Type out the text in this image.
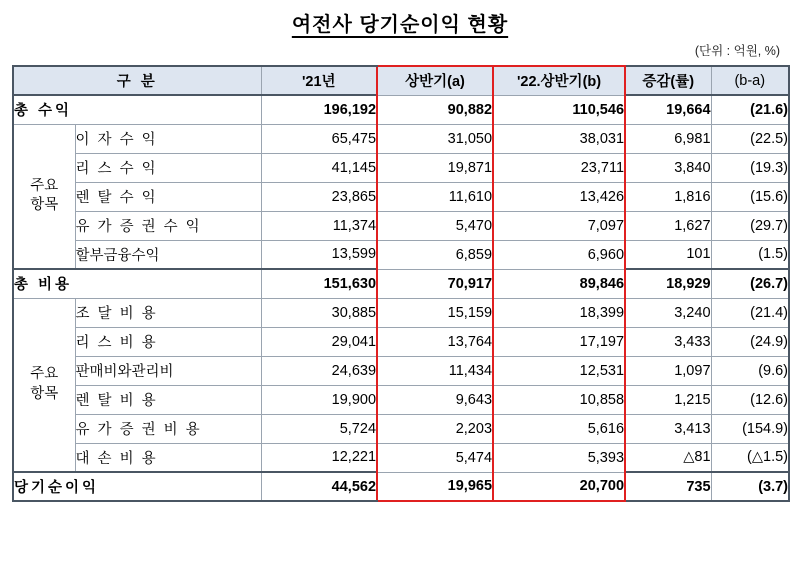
여전사 당기순이익 현황
(단위 : 억원, %)
구 분		'21년	상반기(a)	'22.상반기(b)	증감(률)	(b-a)
총 수익		196,192	90,882	110,546	19,664	(21.6)
주요
항목	이 자 수 익	65,475	31,050	38,031	6,981	(22.5)
	리 스 수 익	41,145	19,871	23,711	3,840	(19.3)
	렌 탈 수 익	23,865	11,610	13,426	1,816	(15.6)
	유 가 증 권 수 익	11,374	5,470	7,097	1,627	(29.7)
	할부금융수익	13,599	6,859	6,960	101	(1.5)
총 비용		151,630	70,917	89,846	18,929	(26.7)
주요
항목	조 달 비 용	30,885	15,159	18,399	3,240	(21.4)
	리 스 비 용	29,041	13,764	17,197	3,433	(24.9)
	판매비와관리비	24,639	11,434	12,531	1,097	(9.6)
	렌 탈 비 용	19,900	9,643	10,858	1,215	(12.6)
	유 가 증 권 비 용	5,724	2,203	5,616	3,413	(154.9)
	대 손 비 용	12,221	5,474	5,393	△81	(△1.5)
당기순이익		44,562	19,965	20,700	735	(3.7)
